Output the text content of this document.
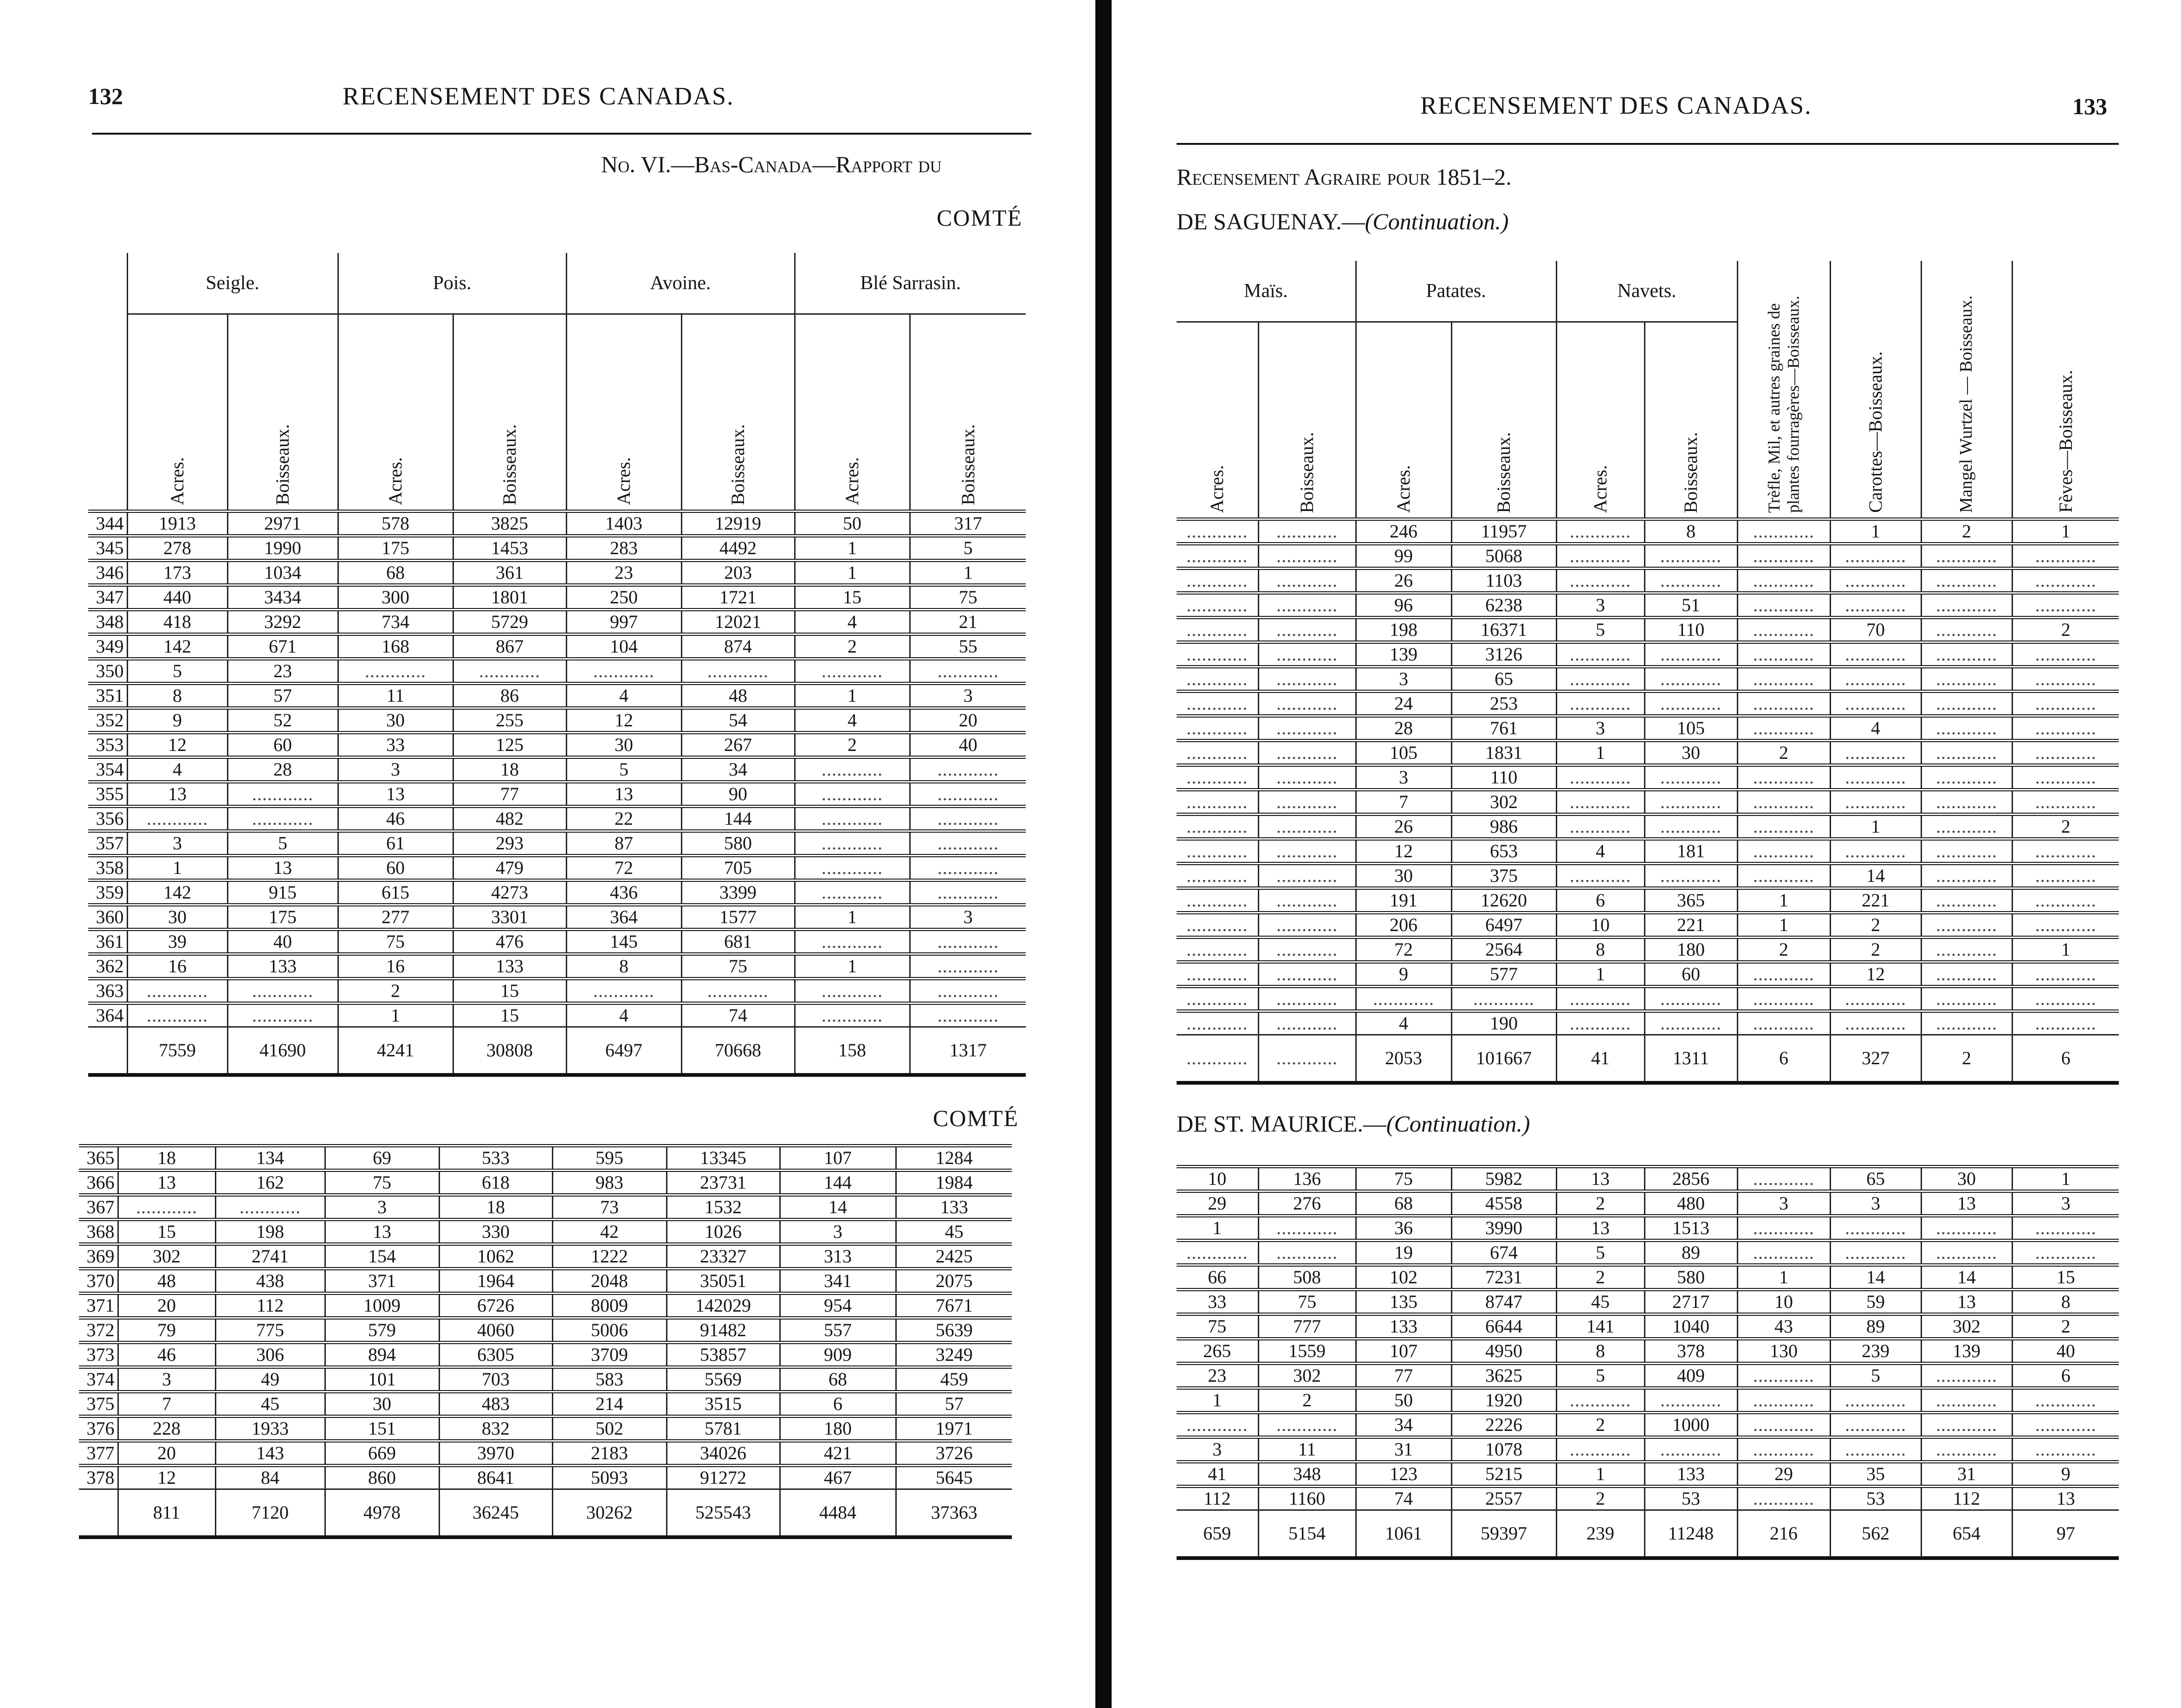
132	RECENSEMENT DES CANADAS.
No. VI.—Bas-Canada—Rapport du
COMTÉ
	Seigle.		Pois.		Avoine.		Blé Sarrasin.	
	Acres.	Boisseaux.	Acres.	Boisseaux.	Acres.	Boisseaux.	Acres.	Boisseaux.
344	1913	2971	578	3825	1403	12919	50	317
345	278	1990	175	1453	283	4492	1	5
346	173	1034	68	361	23	203	1	1
347	440	3434	300	1801	250	1721	15	75
348	418	3292	734	5729	997	12021	4	21
349	142	671	168	867	104	874	2	55
350	5	23	.....	.....	.....	.....	.....	.....
351	8	57	11	86	4	48	1	3
352	9	52	30	255	12	54	4	20
353	12	60	33	125	30	267	2	40
354	4	28	3	18	5	34	.....	.....
355	13	.....	13	77	13	90	.....	.....
356	.....	.....	46	482	22	144	.....	.....
357	3	5	61	293	87	580	.....	.....
358	1	13	60	479	72	705	.....	.....
359	142	915	615	4273	436	3399	.....	.....
360	30	175	277	3301	364	1577	1	3
361	39	40	75	476	145	681	.....	.....
362	16	133	16	133	8	75	1	.....
363	.....	.....	2	15	.....	.....	.....	.....
364	.....	.....	1	15	4	74	.....	.....
	7559	41690	4241	30808	6497	70668	158	1317
COMTÉ
365	18	134	69	533	595	13345	107	1284
366	13	162	75	618	983	23731	144	1984
367	.....	.....	3	18	73	1532	14	133
368	15	198	13	330	42	1026	3	45
369	302	2741	154	1062	1222	23327	313	2425
370	48	438	371	1964	2048	35051	341	2075
371	20	112	1009	6726	8009	142029	954	7671
372	79	775	579	4060	5006	91482	557	5639
373	46	306	894	6305	3709	53857	909	3249
374	3	49	101	703	583	5569	68	459
375	7	45	30	483	214	3515	6	57
376	228	1933	151	832	502	5781	180	1971
377	20	143	669	3970	2183	34026	421	3726
378	12	84	860	8641	5093	91272	467	5645
	811	7120	4978	36245	30262	525543	4484	37363
RECENSEMENT DES CANADAS.	133
Recensement Agraire pour 1851–2.
DE SAGUENAY.—(Continuation.)
Maïs.		Patates.		Navets.		Trèfle, Mil, et autres graines de plantes fourragères—Boisseaux.	Carottes—Boisseaux.	Mangel Wurtzel — Boisseaux.	Fèves—Boisseaux.
Acres.	Boisseaux.	Acres.	Boisseaux.	Acres.	Boisseaux.				
.....	.....	246	11957	.....	8	.....	1	2	1
.....	.....	99	5068	.....	.....	.....	.....	.....	.....
.....	.....	26	1103	.....	.....	.....	.....	.....	.....
.....	.....	96	6238	3	51	.....	.....	.....	.....
.....	.....	198	16371	5	110	.....	70	.....	2
.....	.....	139	3126	.....	.....	.....	.....	.....	.....
.....	.....	3	65	.....	.....	.....	.....	.....	.....
.....	.....	24	253	.....	.....	.....	.....	.....	.....
.....	.....	28	761	3	105	.....	4	.....	.....
.....	.....	105	1831	1	30	2	.....	.....	.....
.....	.....	3	110	.....	.....	.....	.....	.....	.....
.....	.....	7	302	.....	.....	.....	.....	.....	.....
.....	.....	26	986	.....	.....	.....	1	.....	2
.....	.....	12	653	4	181	.....	.....	.....	.....
.....	.....	30	375	.....	.....	.....	14	.....	.....
.....	.....	191	12620	6	365	1	221	.....	.....
.....	.....	206	6497	10	221	1	2	.....	.....
.....	.....	72	2564	8	180	2	2	.....	1
.....	.....	9	577	1	60	.....	12	.....	.....
.....	.....	.....	.....	.....	.....	.....	.....	.....	.....
.....	.....	4	190	.....	.....	.....	.....	.....	.....
.....	.....	2053	101667	41	1311	6	327	2	6
DE ST. MAURICE.—(Continuation.)
10	136	75	5982	13	2856	.....	65	30	1
29	276	68	4558	2	480	3	3	13	3
1	.....	36	3990	13	1513	.....	.....	.....	.....
.....	.....	19	674	5	89	.....	.....	.....	.....
66	508	102	7231	2	580	1	14	14	15
33	75	135	8747	45	2717	10	59	13	8
75	777	133	6644	141	1040	43	89	302	2
265	1559	107	4950	8	378	130	239	139	40
23	302	77	3625	5	409	.....	5	.....	6
1	2	50	1920	.....	.....	.....	.....	.....	.....
.....	.....	34	2226	2	1000	.....	.....	.....	.....
3	11	31	1078	.....	.....	.....	.....	.....	.....
41	348	123	5215	1	133	29	35	31	9
112	1160	74	2557	2	53	.....	53	112	13
659	5154	1061	59397	239	11248	216	562	654	97
